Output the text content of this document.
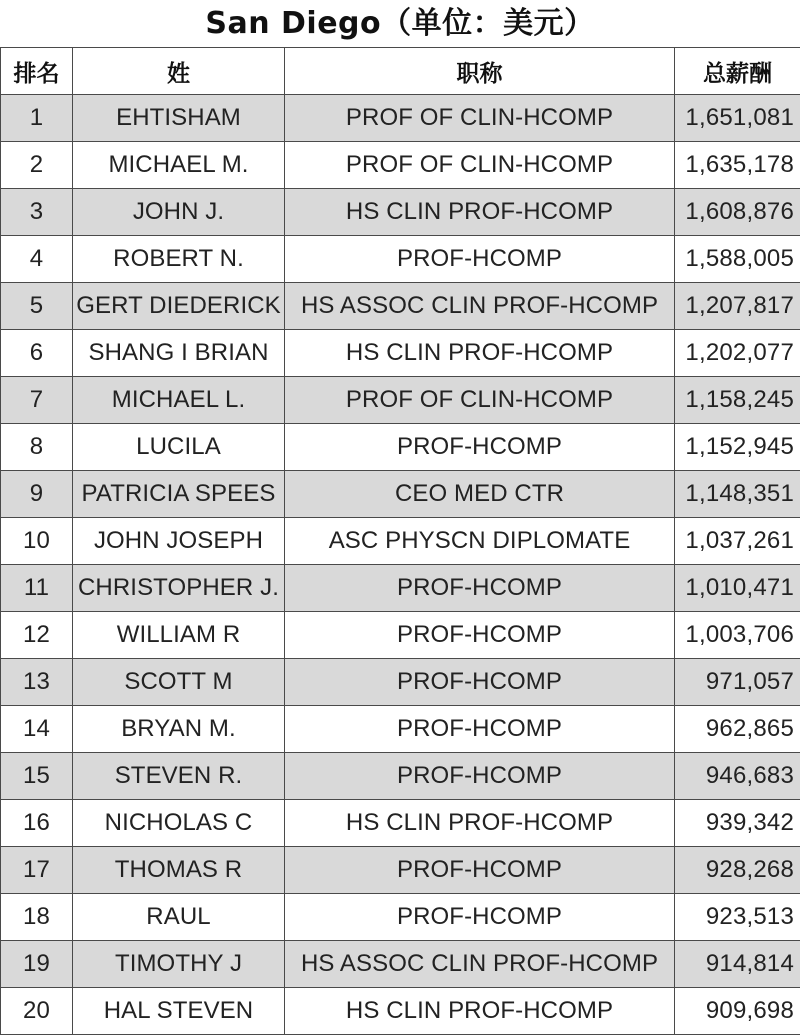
San Diego（单位：美元）
排名	姓	职称	总薪酬
1	EHTISHAM	PROF OF CLIN-HCOMP	1,651,081
2	MICHAEL M.	PROF OF CLIN-HCOMP	1,635,178
3	JOHN J.	HS CLIN PROF-HCOMP	1,608,876
4	ROBERT N.	PROF-HCOMP	1,588,005
5	GERT DIEDERICK	HS ASSOC CLIN PROF-HCOMP	1,207,817
6	SHANG I BRIAN	HS CLIN PROF-HCOMP	1,202,077
7	MICHAEL L.	PROF OF CLIN-HCOMP	1,158,245
8	LUCILA	PROF-HCOMP	1,152,945
9	PATRICIA SPEES	CEO MED CTR	1,148,351
10	JOHN JOSEPH	ASC PHYSCN DIPLOMATE	1,037,261
11	CHRISTOPHER J.	PROF-HCOMP	1,010,471
12	WILLIAM R	PROF-HCOMP	1,003,706
13	SCOTT M	PROF-HCOMP	971,057
14	BRYAN M.	PROF-HCOMP	962,865
15	STEVEN R.	PROF-HCOMP	946,683
16	NICHOLAS C	HS CLIN PROF-HCOMP	939,342
17	THOMAS R	PROF-HCOMP	928,268
18	RAUL	PROF-HCOMP	923,513
19	TIMOTHY J	HS ASSOC CLIN PROF-HCOMP	914,814
20	HAL STEVEN	HS CLIN PROF-HCOMP	909,698
